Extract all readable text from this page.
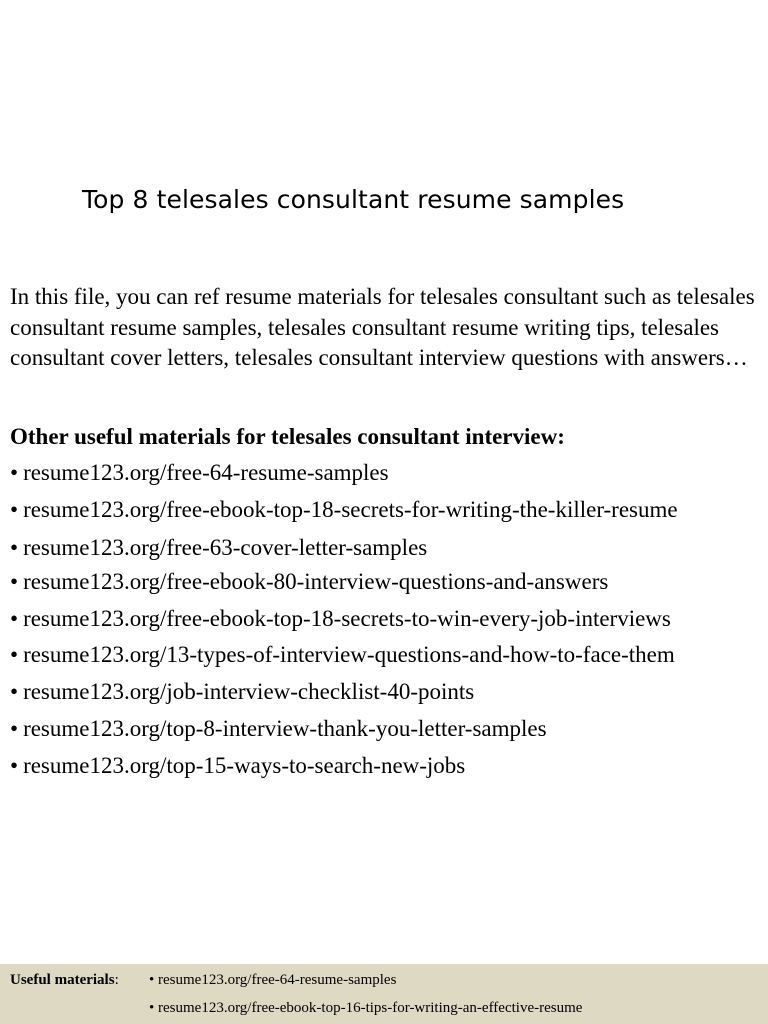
Top 8 telesales consultant resume samples

In this file, you can ref resume materials for telesales consultant such as telesales consultant resume samples, telesales consultant resume writing tips, telesales consultant cover letters, telesales consultant interview questions with answers…

Other useful materials for telesales consultant interview:
• resume123.org/free-64-resume-samples
• resume123.org/free-ebook-top-18-secrets-for-writing-the-killer-resume
• resume123.org/free-63-cover-letter-samples
• resume123.org/free-ebook-80-interview-questions-and-answers
• resume123.org/free-ebook-top-18-secrets-to-win-every-job-interviews
• resume123.org/13-types-of-interview-questions-and-how-to-face-them
• resume123.org/job-interview-checklist-40-points
• resume123.org/top-8-interview-thank-you-letter-samples
• resume123.org/top-15-ways-to-search-new-jobs
Useful materials: • resume123.org/free-64-resume-samples
• resume123.org/free-ebook-top-16-tips-for-writing-an-effective-resume
